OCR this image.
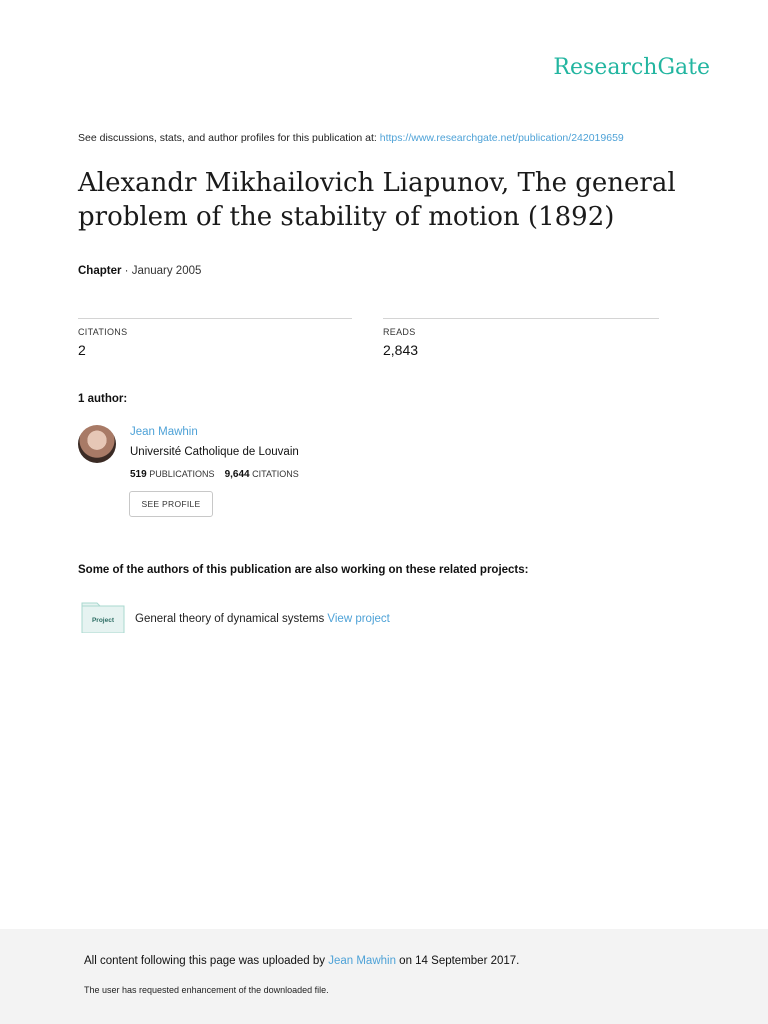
ResearchGate
See discussions, stats, and author profiles for this publication at: https://www.researchgate.net/publication/242019659
Alexandr Mikhailovich Liapunov, The general problem of the stability of motion (1892)
Chapter · January 2005
CITATIONS
2
READS
2,843
1 author:
Jean Mawhin
Université Catholique de Louvain
519 PUBLICATIONS 9,644 CITATIONS
SEE PROFILE
Some of the authors of this publication are also working on these related projects:
Project General theory of dynamical systems View project
All content following this page was uploaded by Jean Mawhin on 14 September 2017.
The user has requested enhancement of the downloaded file.
